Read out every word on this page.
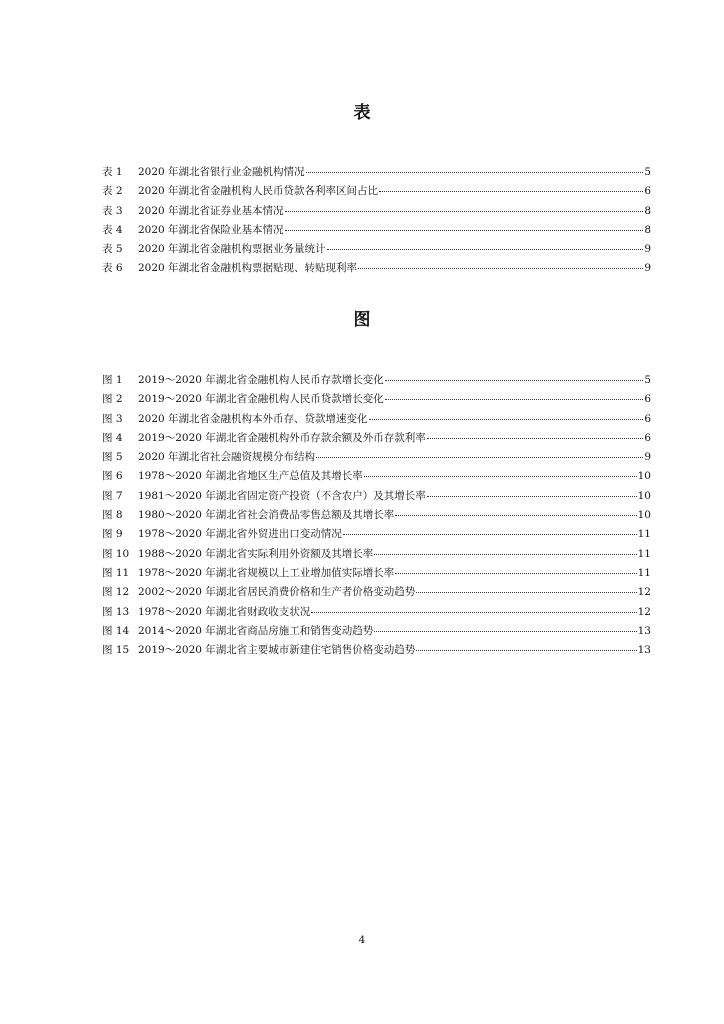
表
表 1	2020 年湖北省银行业金融机构情况	5
表 2	2020 年湖北省金融机构人民币贷款各利率区间占比	6
表 3	2020 年湖北省证券业基本情况	8
表 4	2020 年湖北省保险业基本情况	8
表 5	2020 年湖北省金融机构票据业务量统计	9
表 6	2020 年湖北省金融机构票据贴现、转贴现利率	9
图
图 1	2019～2020 年湖北省金融机构人民币存款增长变化	5
图 2	2019～2020 年湖北省金融机构人民币贷款增长变化	6
图 3	2020 年湖北省金融机构本外币存、贷款增速变化	6
图 4	2019～2020 年湖北省金融机构外币存款余额及外币存款利率	6
图 5	2020 年湖北省社会融资规模分布结构	9
图 6	1978～2020 年湖北省地区生产总值及其增长率	10
图 7	1981～2020 年湖北省固定资产投资（不含农户）及其增长率	10
图 8	1980～2020 年湖北省社会消费品零售总额及其增长率	10
图 9	1978～2020 年湖北省外贸进出口变动情况	11
图 10 1988～2020 年湖北省实际利用外资额及其增长率	11
图 11 1978～2020 年湖北省规模以上工业增加值实际增长率	11
图 12 2002～2020 年湖北省居民消费价格和生产者价格变动趋势	12
图 13 1978～2020 年湖北省财政收支状况	12
图 14 2014～2020 年湖北省商品房施工和销售变动趋势	13
图 15 2019～2020 年湖北省主要城市新建住宅销售价格变动趋势	13
4
